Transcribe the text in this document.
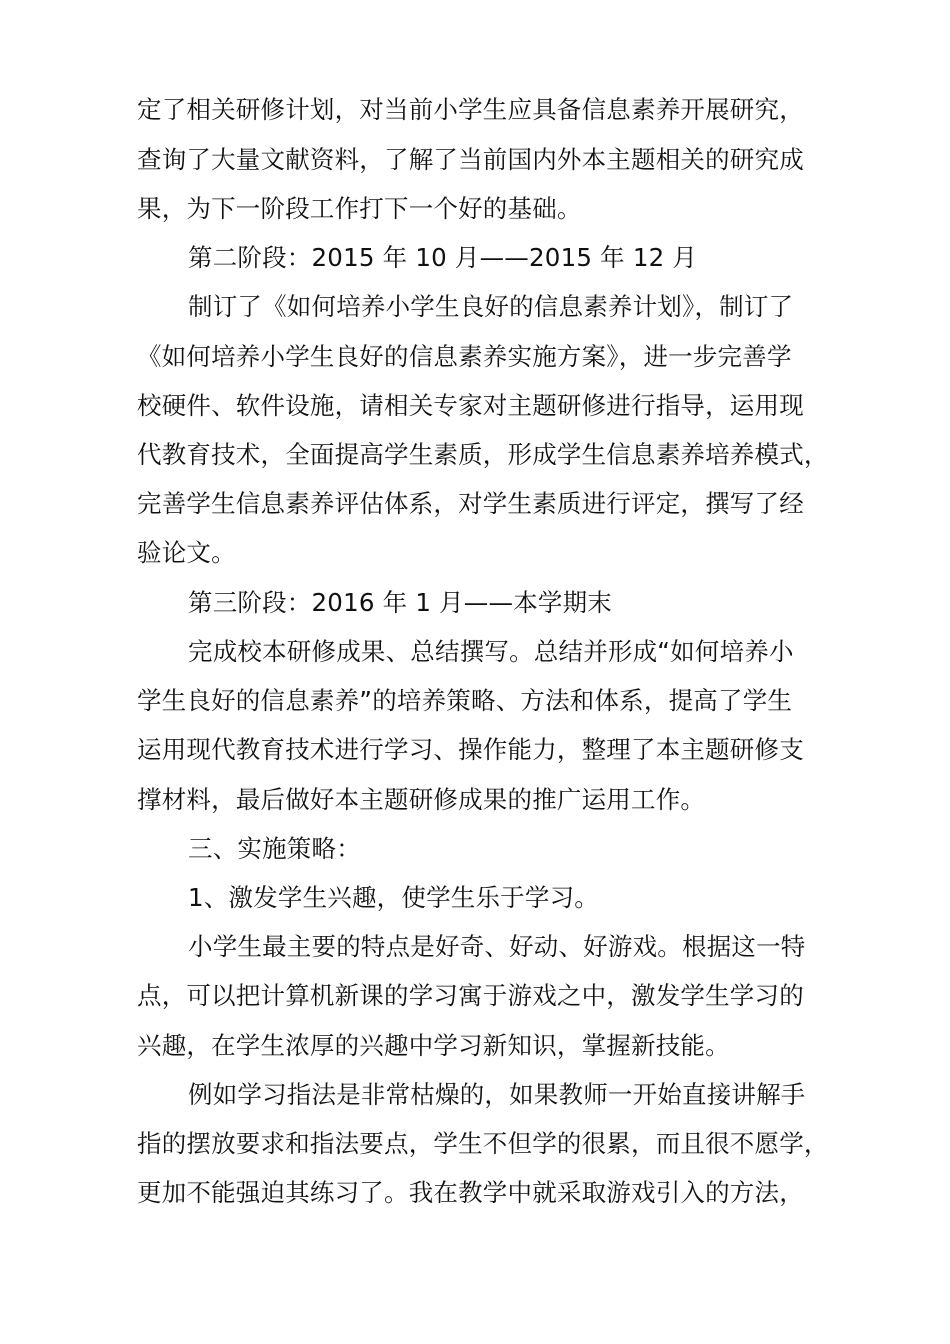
定了相关研修计划，对当前小学生应具备信息素养开展研究，
查询了大量文献资料，了解了当前国内外本主题相关的研究成
果，为下一阶段工作打下一个好的基础。
第二阶段：2015 年 10 月——2015 年 12 月
制订了《如何培养小学生良好的信息素养计划》，制订了
《如何培养小学生良好的信息素养实施方案》，进一步完善学
校硬件、软件设施，请相关专家对主题研修进行指导，运用现
代教育技术，全面提高学生素质，形成学生信息素养培养模式，
完善学生信息素养评估体系，对学生素质进行评定，撰写了经
验论文。
第三阶段：2016 年 1 月——本学期末
完成校本研修成果、总结撰写。总结并形成“如何培养小
学生良好的信息素养”的培养策略、方法和体系，提高了学生
运用现代教育技术进行学习、操作能力，整理了本主题研修支
撑材料，最后做好本主题研修成果的推广运用工作。
三、实施策略：
1、激发学生兴趣，使学生乐于学习。
小学生最主要的特点是好奇、好动、好游戏。根据这一特
点，可以把计算机新课的学习寓于游戏之中，激发学生学习的
兴趣，在学生浓厚的兴趣中学习新知识，掌握新技能。
例如学习指法是非常枯燥的，如果教师一开始直接讲解手
指的摆放要求和指法要点，学生不但学的很累，而且很不愿学，
更加不能强迫其练习了。我在教学中就采取游戏引入的方法，
